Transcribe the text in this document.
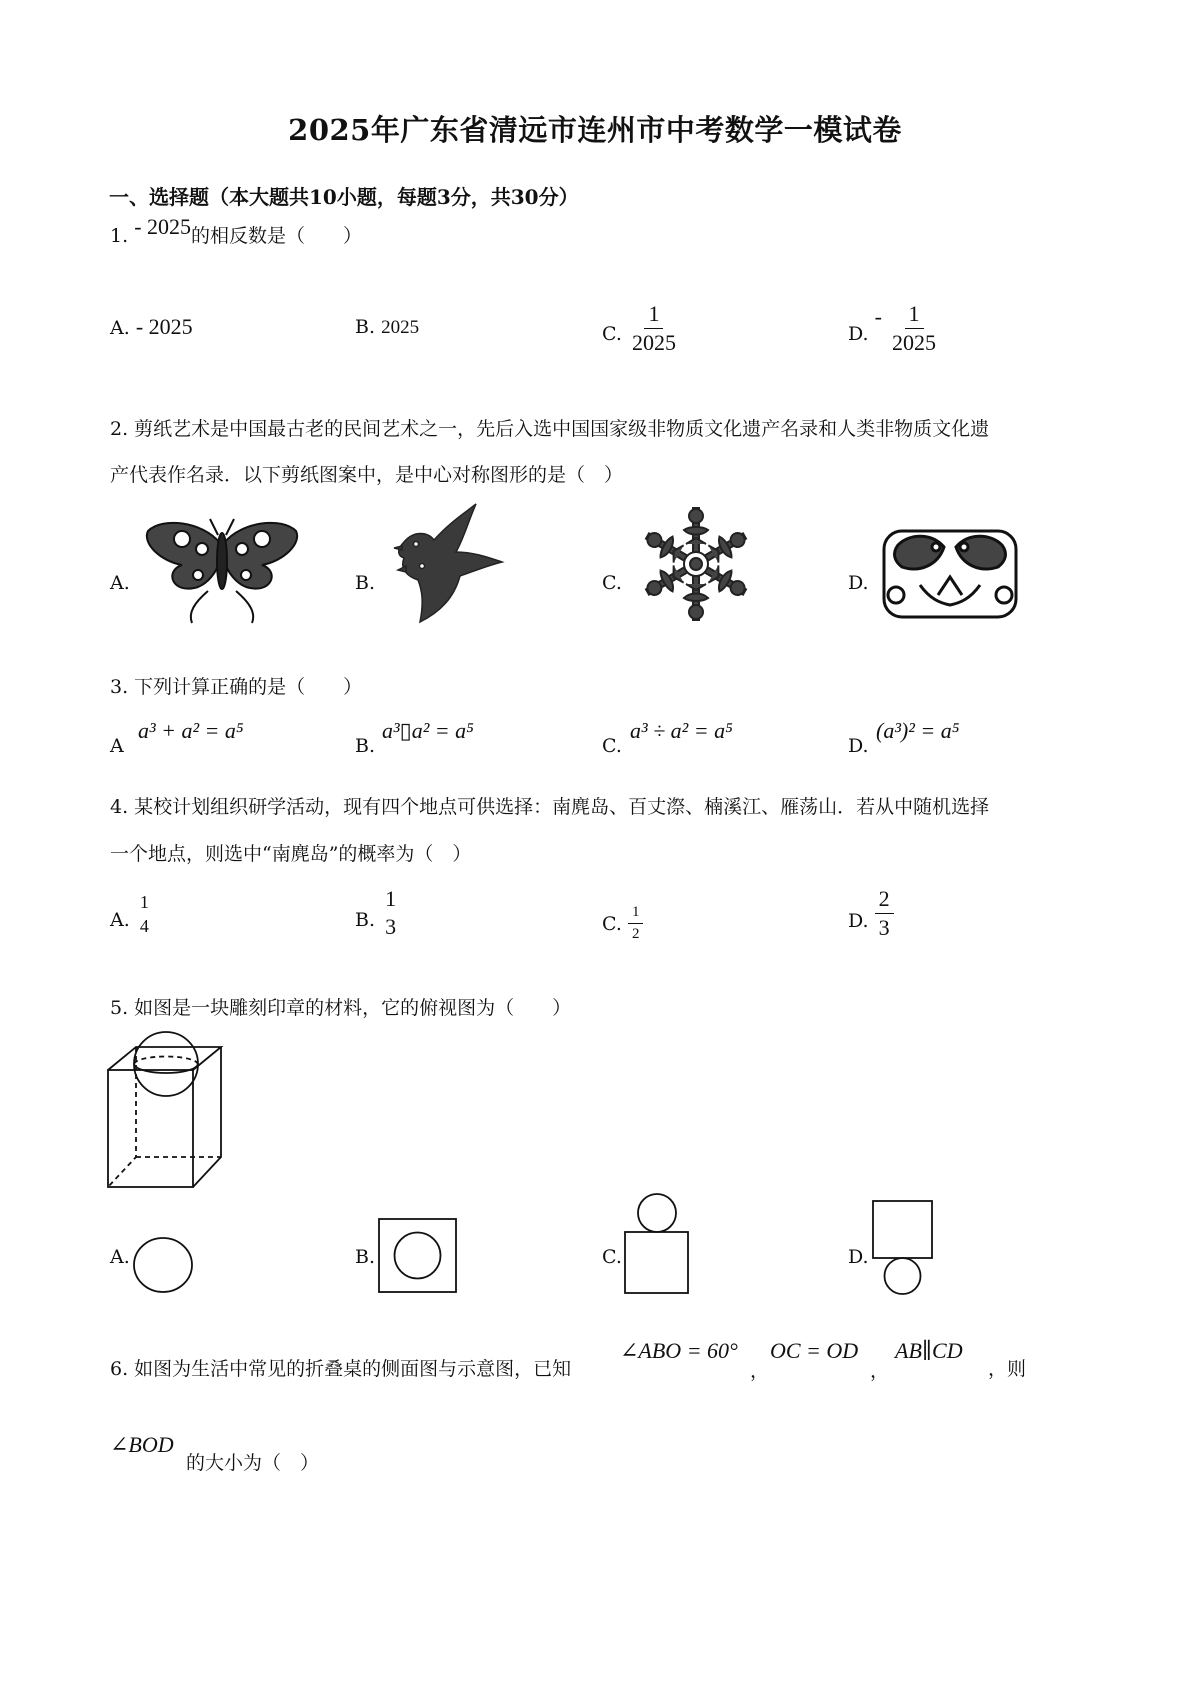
2025年广东省清远市连州市中考数学一模试卷
一、选择题（本大题共10小题，每题3分，共30分）
1. - 2025的相反数是（　　）
A. - 2025	B. 2025	C. $\frac{1}{2025}$	D. - $\frac{1}{2025}$
2. 剪纸艺术是中国最古老的民间艺术之一，先后入选中国国家级非物质文化遗产名录和人类非物质文化遗
产代表作名录．以下剪纸图案中，是中心对称图形的是（　）
A.	B.	C.	D.
3. 下列计算正确的是（　　）
A
a³ + a² = a⁵
B.
a³▯a² = a⁵
C.
a³ ÷ a² = a⁵
D.
(a³)² = a⁵
4. 某校计划组织研学活动，现有四个地点可供选择：南麂岛、百丈漈、楠溪江、雁荡山．若从中随机选择
一个地点，则选中“南麂岛”的概率为（　）
A.
1
4	B.
1
3	C. $\frac{1}{2}$	D. $\frac{2}{3}$
5. 如图是一块雕刻印章的材料，它的俯视图为（　　）
A.	B.	C.	D.
6. 如图为生活中常见的折叠桌的侧面图与示意图，已知
∠ABO = 60°
，
OC = OD
，
AB∥CD
，则
∠BOD
的大小为（　）
